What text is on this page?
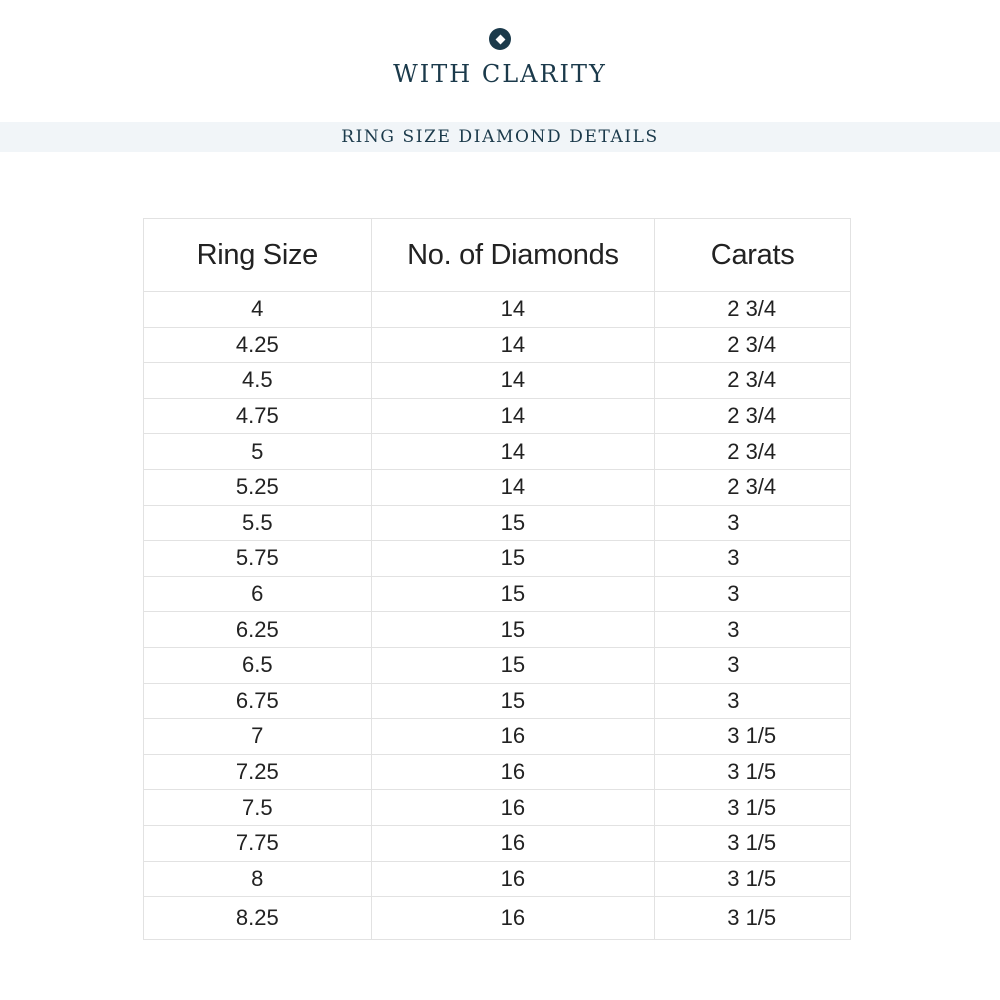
WITH CLARITY
RING SIZE DIAMOND DETAILS
Ring Size	No. of Diamonds	Carats
4	14	2 3/4
4.25	14	2 3/4
4.5	14	2 3/4
4.75	14	2 3/4
5	14	2 3/4
5.25	14	2 3/4
5.5	15	3
5.75	15	3
6	15	3
6.25	15	3
6.5	15	3
6.75	15	3
7	16	3 1/5
7.25	16	3 1/5
7.5	16	3 1/5
7.75	16	3 1/5
8	16	3 1/5
8.25	16	3 1/5
